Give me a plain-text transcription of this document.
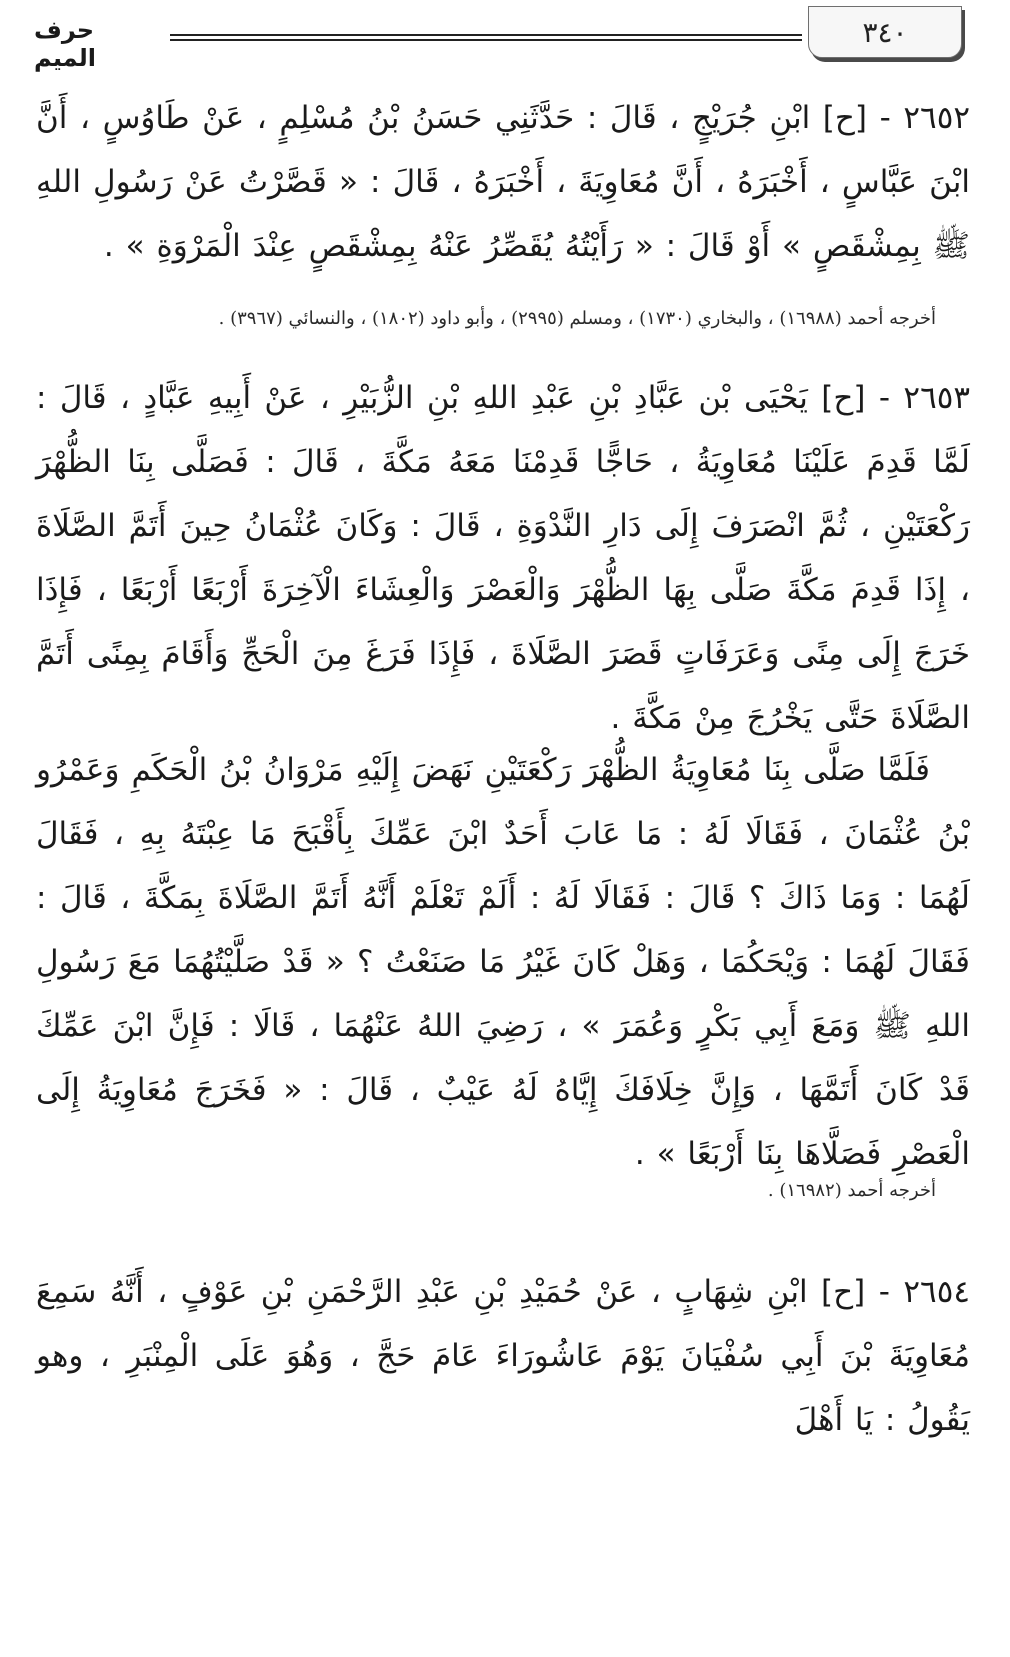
٣٤٠
حرف الميم
٢٦٥٢ - [ح] ابْنِ جُرَيْجٍ ، قَالَ : حَدَّثَنِي حَسَنُ بْنُ مُسْلِمٍ ، عَنْ طَاوُسٍ ، أَنَّ ابْنَ عَبَّاسٍ ، أَخْبَرَهُ ، أَنَّ مُعَاوِيَةَ ، أَخْبَرَهُ ، قَالَ : « قَصَّرْتُ عَنْ رَسُولِ اللهِ ﷺ بِمِشْقَصٍ » أَوْ قَالَ : « رَأَيْتُهُ يُقَصِّرُ عَنْهُ بِمِشْقَصٍ عِنْدَ الْمَرْوَةِ » .
أخرجه أحمد (١٦٩٨٨) ، والبخاري (١٧٣٠) ، ومسلم (٢٩٩٥) ، وأبو داود (١٨٠٢) ، والنسائي (٣٩٦٧) .
٢٦٥٣ - [ح] يَحْيَى بْن عَبَّادِ بْنِ عَبْدِ اللهِ بْنِ الزُّبَيْرِ ، عَنْ أَبِيهِ عَبَّادٍ ، قَالَ : لَمَّا قَدِمَ عَلَيْنَا مُعَاوِيَةُ ، حَاجًّا قَدِمْنَا مَعَهُ مَكَّةَ ، قَالَ : فَصَلَّى بِنَا الظُّهْرَ رَكْعَتَيْنِ ، ثُمَّ انْصَرَفَ إِلَى دَارِ النَّدْوَةِ ، قَالَ : وَكَانَ عُثْمَانُ حِينَ أَتَمَّ الصَّلَاةَ ، إِذَا قَدِمَ مَكَّةَ صَلَّى بِهَا الظُّهْرَ وَالْعَصْرَ وَالْعِشَاءَ الْآخِرَةَ أَرْبَعًا أَرْبَعًا ، فَإِذَا خَرَجَ إِلَى مِنًى وَعَرَفَاتٍ قَصَرَ الصَّلَاةَ ، فَإِذَا فَرَغَ مِنَ الْحَجِّ وَأَقَامَ بِمِنًى أَتَمَّ الصَّلَاةَ حَتَّى يَخْرُجَ مِنْ مَكَّةَ .
فَلَمَّا صَلَّى بِنَا مُعَاوِيَةُ الظُّهْرَ رَكْعَتَيْنِ نَهَضَ إِلَيْهِ مَرْوَانُ بْنُ الْحَكَمِ وَعَمْرُو بْنُ عُثْمَانَ ، فَقَالَا لَهُ : مَا عَابَ أَحَدٌ ابْنَ عَمِّكَ بِأَقْبَحَ مَا عِبْتَهُ بِهِ ، فَقَالَ لَهُمَا : وَمَا ذَاكَ ؟ قَالَ : فَقَالَا لَهُ : أَلَمْ تَعْلَمْ أَنَّهُ أَتَمَّ الصَّلَاةَ بِمَكَّةَ ، قَالَ : فَقَالَ لَهُمَا : وَيْحَكُمَا ، وَهَلْ كَانَ غَيْرُ مَا صَنَعْتُ ؟ « قَدْ صَلَّيْتُهُمَا مَعَ رَسُولِ اللهِ ﷺ وَمَعَ أَبِي بَكْرٍ وَعُمَرَ » ، رَضِيَ اللهُ عَنْهُمَا ، قَالَا : فَإِنَّ ابْنَ عَمِّكَ قَدْ كَانَ أَتَمَّهَا ، وَإِنَّ خِلَافَكَ إِيَّاهُ لَهُ عَيْبٌ ، قَالَ : « فَخَرَجَ مُعَاوِيَةُ إِلَى الْعَصْرِ فَصَلَّاهَا بِنَا أَرْبَعًا » .
أخرجه أحمد (١٦٩٨٢) .
٢٦٥٤ - [ح] ابْنِ شِهَابٍ ، عَنْ حُمَيْدِ بْنِ عَبْدِ الرَّحْمَنِ بْنِ عَوْفٍ ، أَنَّهُ سَمِعَ مُعَاوِيَةَ بْنَ أَبِي سُفْيَانَ يَوْمَ عَاشُورَاءَ عَامَ حَجَّ ، وَهُوَ عَلَى الْمِنْبَرِ ، وهو يَقُولُ : يَا أَهْلَ
